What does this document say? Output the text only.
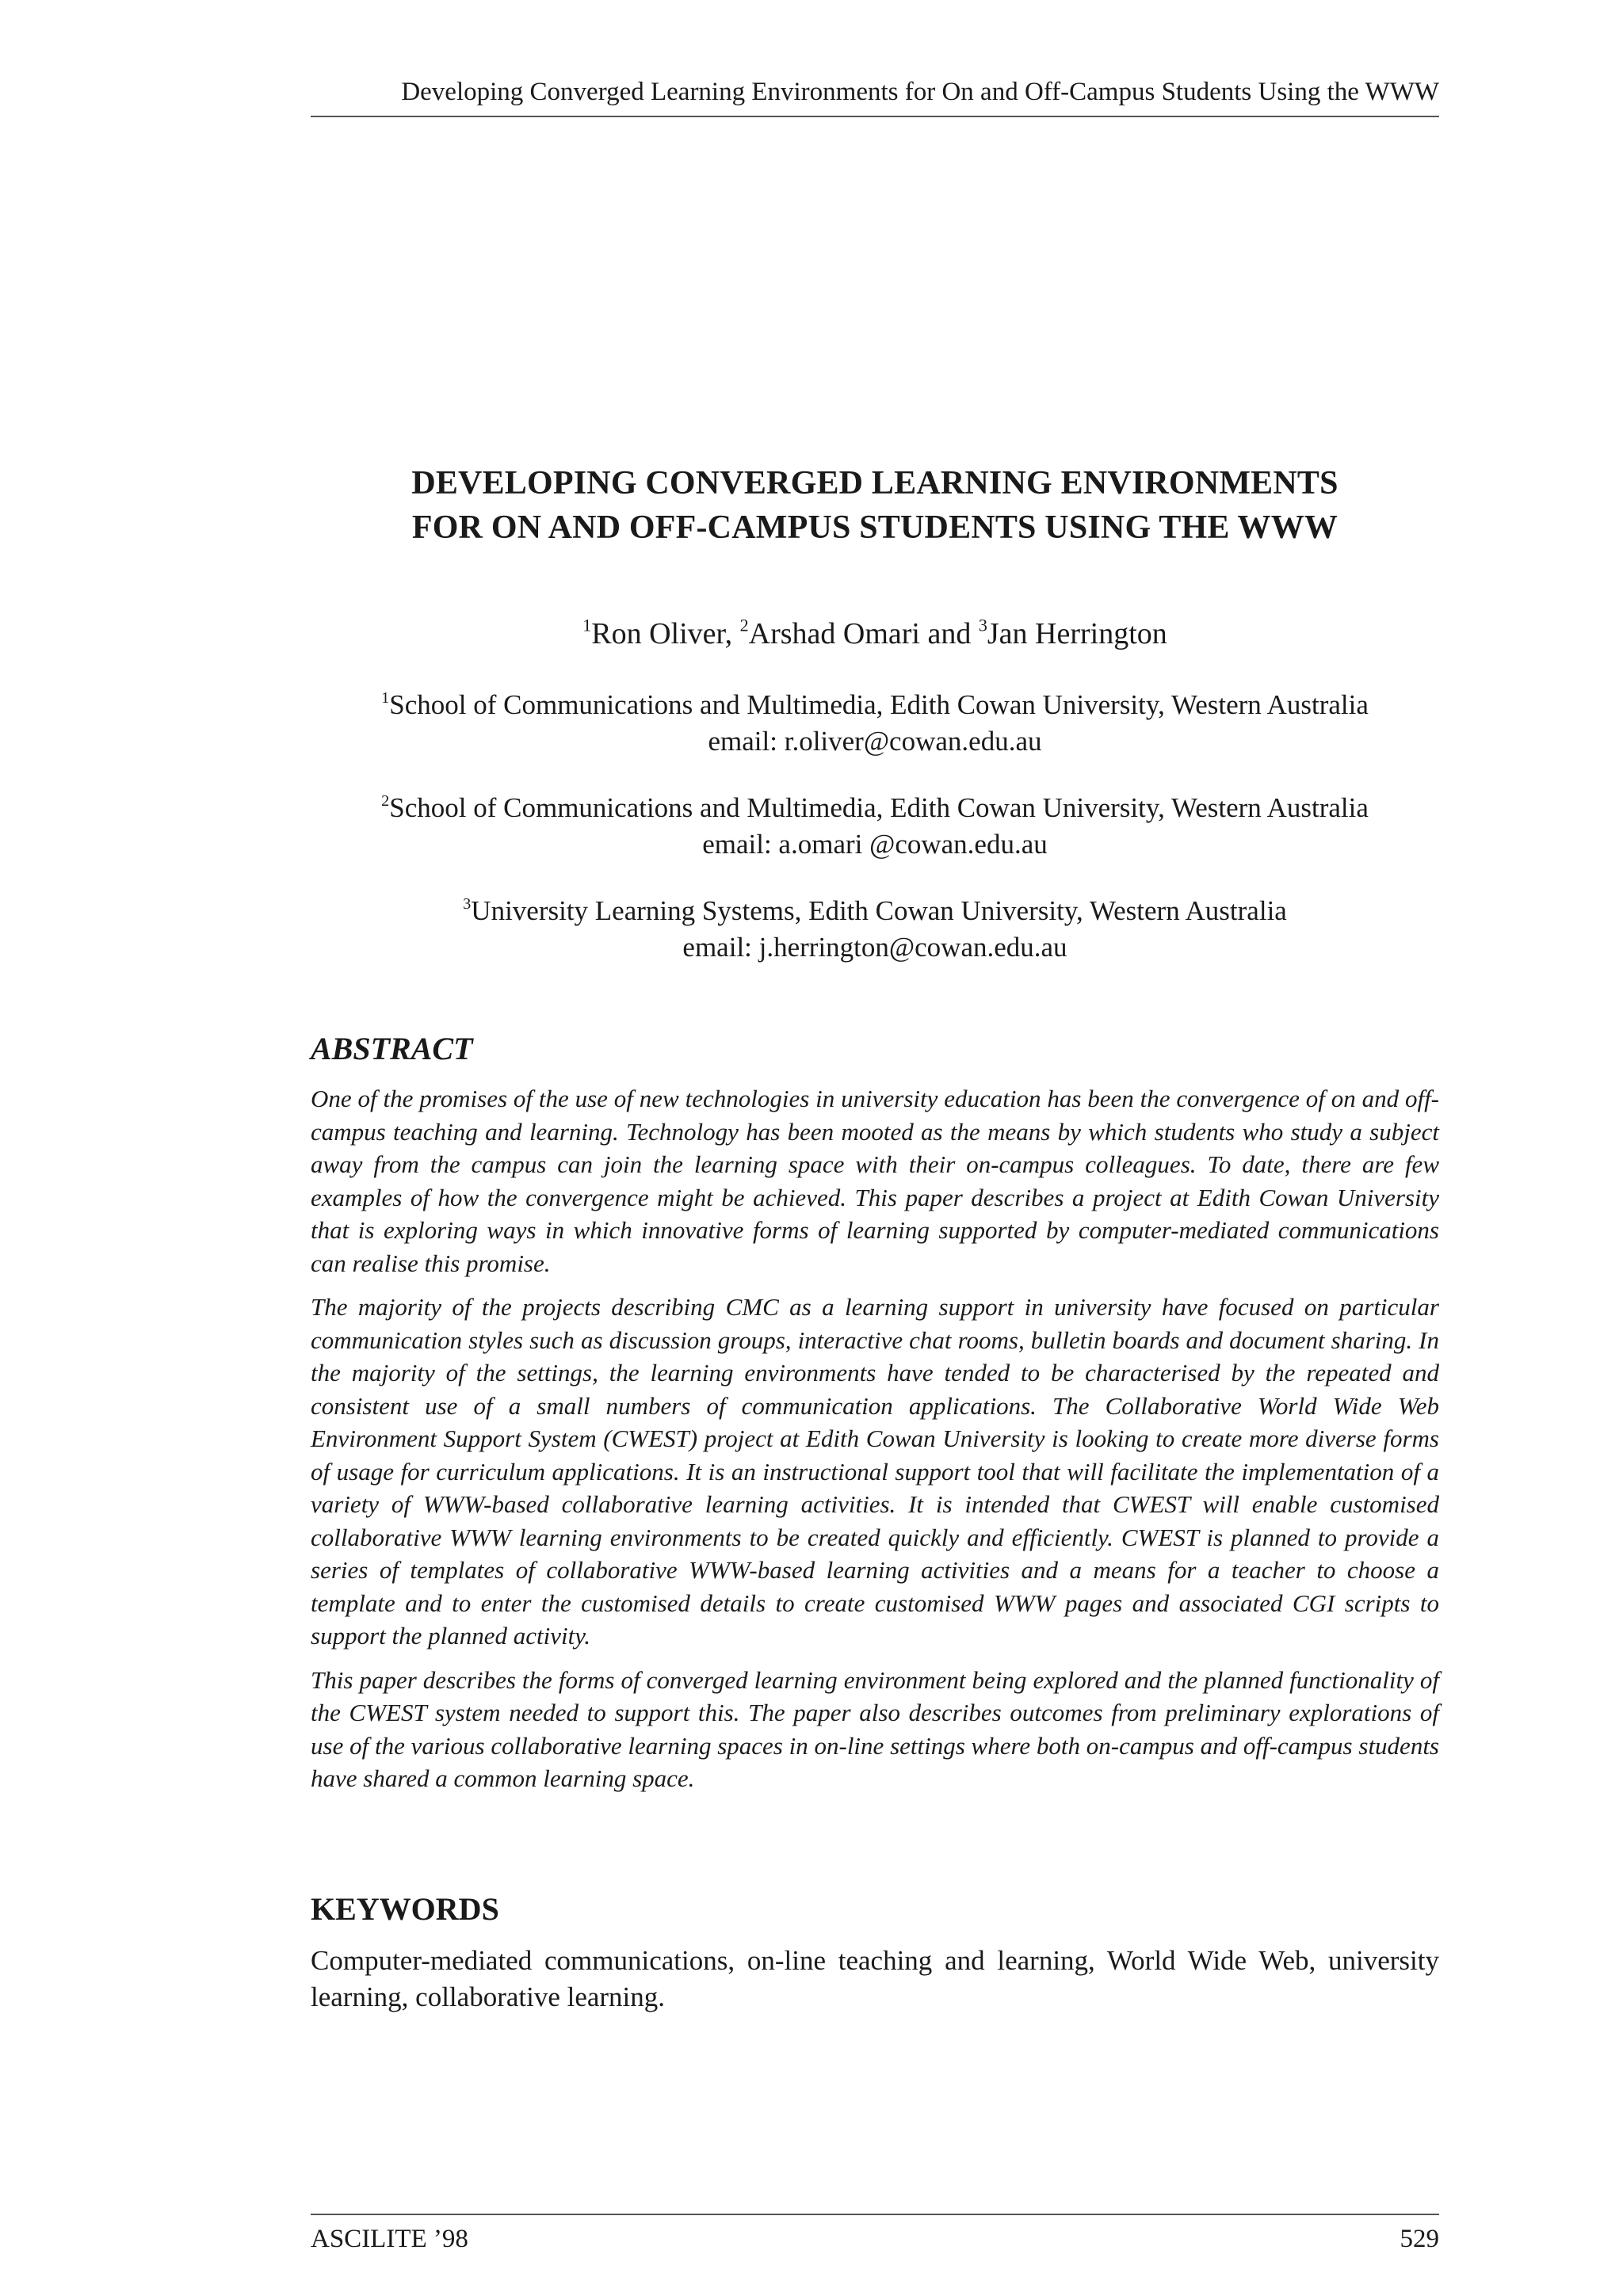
Developing Converged Learning Environments for On and Off-Campus Students Using the WWW
DEVELOPING CONVERGED LEARNING ENVIRONMENTS
FOR ON AND OFF-CAMPUS STUDENTS USING THE WWW
$^1$Ron Oliver, $^2$Arshad Omari and $^3$Jan Herrington
$^1$School of Communications and Multimedia, Edith Cowan University, Western Australia
email: r.oliver@cowan.edu.au
$^2$School of Communications and Multimedia, Edith Cowan University, Western Australia
email: a.omari @cowan.edu.au
$^3$University Learning Systems, Edith Cowan University, Western Australia
email: j.herrington@cowan.edu.au
ABSTRACT

One of the promises of the use of new technologies in university education has been the convergence of on and off-campus teaching and learning. Technology has been mooted as the means by which students who study a subject away from the campus can join the learning space with their on-campus colleagues. To date, there are few examples of how the convergence might be achieved. This paper describes a project at Edith Cowan University that is exploring ways in which innovative forms of learning supported by computer-mediated communications can realise this promise.

The majority of the projects describing CMC as a learning support in university have focused on particular communication styles such as discussion groups, interactive chat rooms, bulletin boards and document sharing. In the majority of the settings, the learning environments have tended to be characterised by the repeated and consistent use of a small numbers of communication applications. The Collaborative World Wide Web Environment Support System (CWEST) project at Edith Cowan University is looking to create more diverse forms of usage for curriculum applications. It is an instructional support tool that will facilitate the implementation of a variety of WWW-based collaborative learning activities. It is intended that CWEST will enable customised collaborative WWW learning environments to be created quickly and efficiently. CWEST is planned to provide a series of templates of collaborative WWW-based learning activities and a means for a teacher to choose a template and to enter the customised details to create customised WWW pages and associated CGI scripts to support the planned activity.

This paper describes the forms of converged learning environment being explored and the planned functionality of the CWEST system needed to support this. The paper also describes outcomes from preliminary explorations of use of the various collaborative learning spaces in on-line settings where both on-campus and off-campus students have shared a common learning space.

KEYWORDS

Computer-mediated communications, on-line teaching and learning, World Wide Web, university learning, collaborative learning.

ASCILITE ’98	529
